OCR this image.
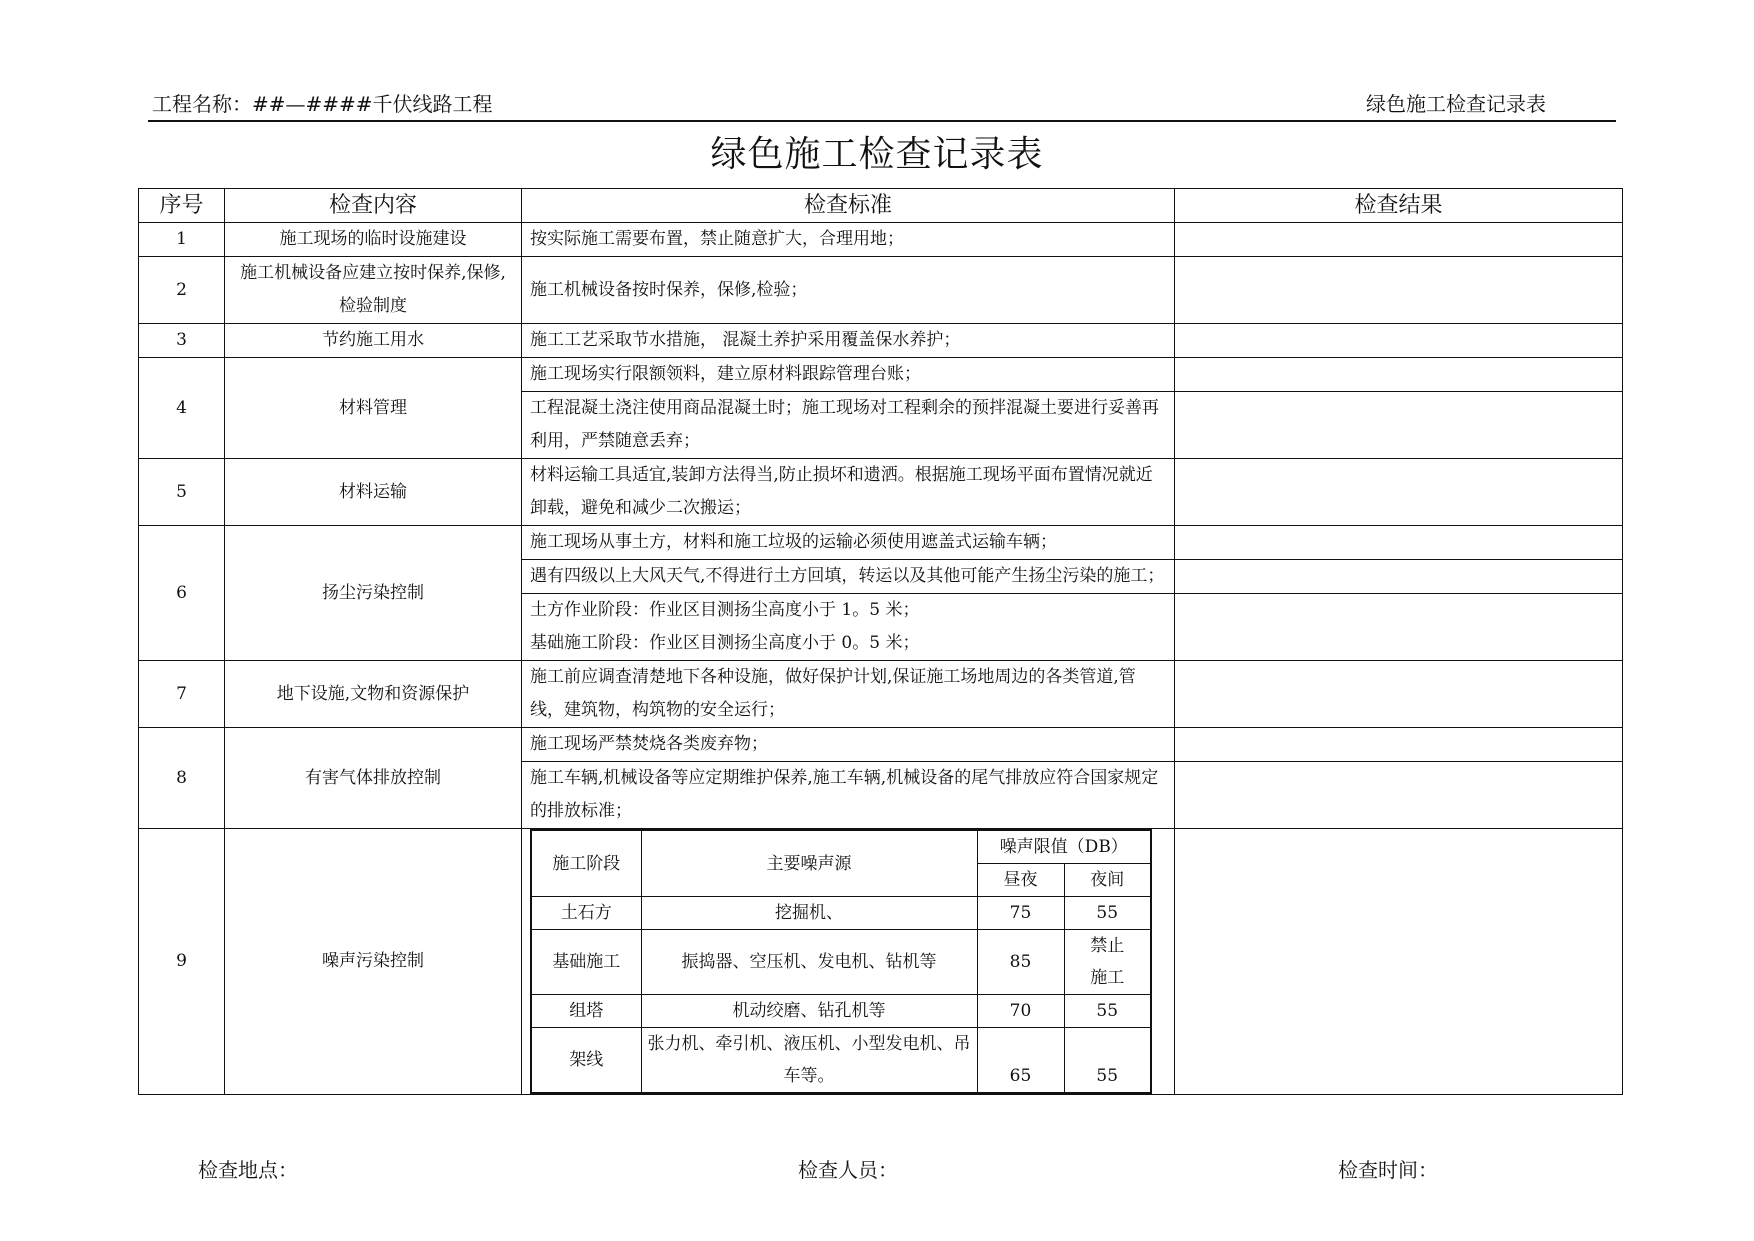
工程名称：##—####千伏线路工程	绿色施工检查记录表
绿色施工检查记录表
序号	检查内容	检查标准	检查结果
1	施工现场的临时设施建设	按实际施工需要布置，禁止随意扩大，合理用地；	
2	施工机械设备应建立按时保养,保修,检验制度	施工机械设备按时保养，保修,检验；	
3	节约施工用水	施工工艺采取节水措施， 混凝土养护采用覆盖保水养护；	
4	材料管理	施工现场实行限额领料，建立原材料跟踪管理台账；	
工程混凝土浇注使用商品混凝土时；施工现场对工程剩余的预拌混凝土要进行妥善再利用，严禁随意丢弃；	
5	材料运输	材料运输工具适宜,装卸方法得当,防止损坏和遗洒。根据施工现场平面布置情况就近卸载，避免和减少二次搬运；	
6	扬尘污染控制	施工现场从事土方，材料和施工垃圾的运输必须使用遮盖式运输车辆；	
遇有四级以上大风天气,不得进行土方回填，转运以及其他可能产生扬尘污染的施工；	
土方作业阶段：作业区目测扬尘高度小于 1。5 米；
基础施工阶段：作业区目测扬尘高度小于 0。5 米；	
7	地下设施,文物和资源保护	施工前应调查清楚地下各种设施，做好保护计划,保证施工场地周边的各类管道,管线，建筑物，构筑物的安全运行；	
8	有害气体排放控制	施工现场严禁焚烧各类废弃物；	
施工车辆,机械设备等应定期维护保养,施工车辆,机械设备的尾气排放应符合国家规定的排放标准；	
9	噪声污染控制	
施工阶段	主要噪声源	噪声限值（DB）
昼夜	夜间
土石方	挖掘机、	75	55
基础施工	振捣器、空压机、发电机、钻机等	85	禁止施工
组塔	机动绞磨、钻孔机等	70	55
架线	张力机、牵引机、液压机、小型发电机、吊车等。	65	55

检查地点：	检查人员：	检查时间：
